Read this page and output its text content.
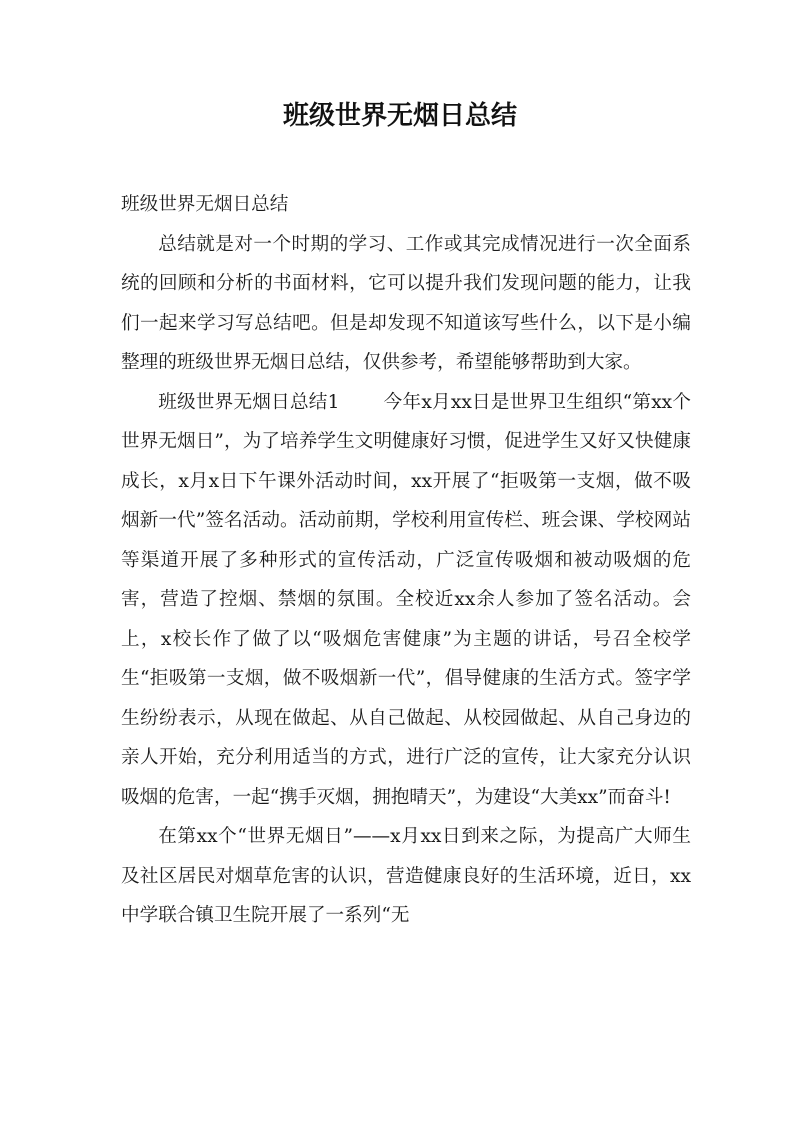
班级世界无烟日总结

班级世界无烟日总结

总结就是对一个时期的学习、工作或其完成情况进行一次全面系统的回顾和分析的书面材料，它可以提升我们发现问题的能力，让我们一起来学习写总结吧。但是却发现不知道该写些什么，以下是小编整理的班级世界无烟日总结，仅供参考，希望能够帮助到大家。

班级世界无烟日总结1 今年x月xx日是世界卫生组织“第xx个世界无烟日”，为了培养学生文明健康好习惯，促进学生又好又快健康成长，x月x日下午课外活动时间，xx开展了“拒吸第一支烟，做不吸烟新一代”签名活动。活动前期，学校利用宣传栏、班会课、学校网站等渠道开展了多种形式的宣传活动，广泛宣传吸烟和被动吸烟的危害，营造了控烟、禁烟的氛围。全校近xx余人参加了签名活动。会上，x校长作了做了以“吸烟危害健康”为主题的讲话，号召全校学生“拒吸第一支烟，做不吸烟新一代”，倡导健康的生活方式。签字学生纷纷表示，从现在做起、从自己做起、从校园做起、从自己身边的亲人开始，充分利用适当的方式，进行广泛的宣传，让大家充分认识吸烟的危害，一起“携手灭烟，拥抱晴天”，为建设“大美xx”而奋斗!

在第xx个“世界无烟日”——x月xx日到来之际，为提高广大师生及社区居民对烟草危害的认识，营造健康良好的生活环境，近日，xx中学联合镇卫生院开展了一系列“无
